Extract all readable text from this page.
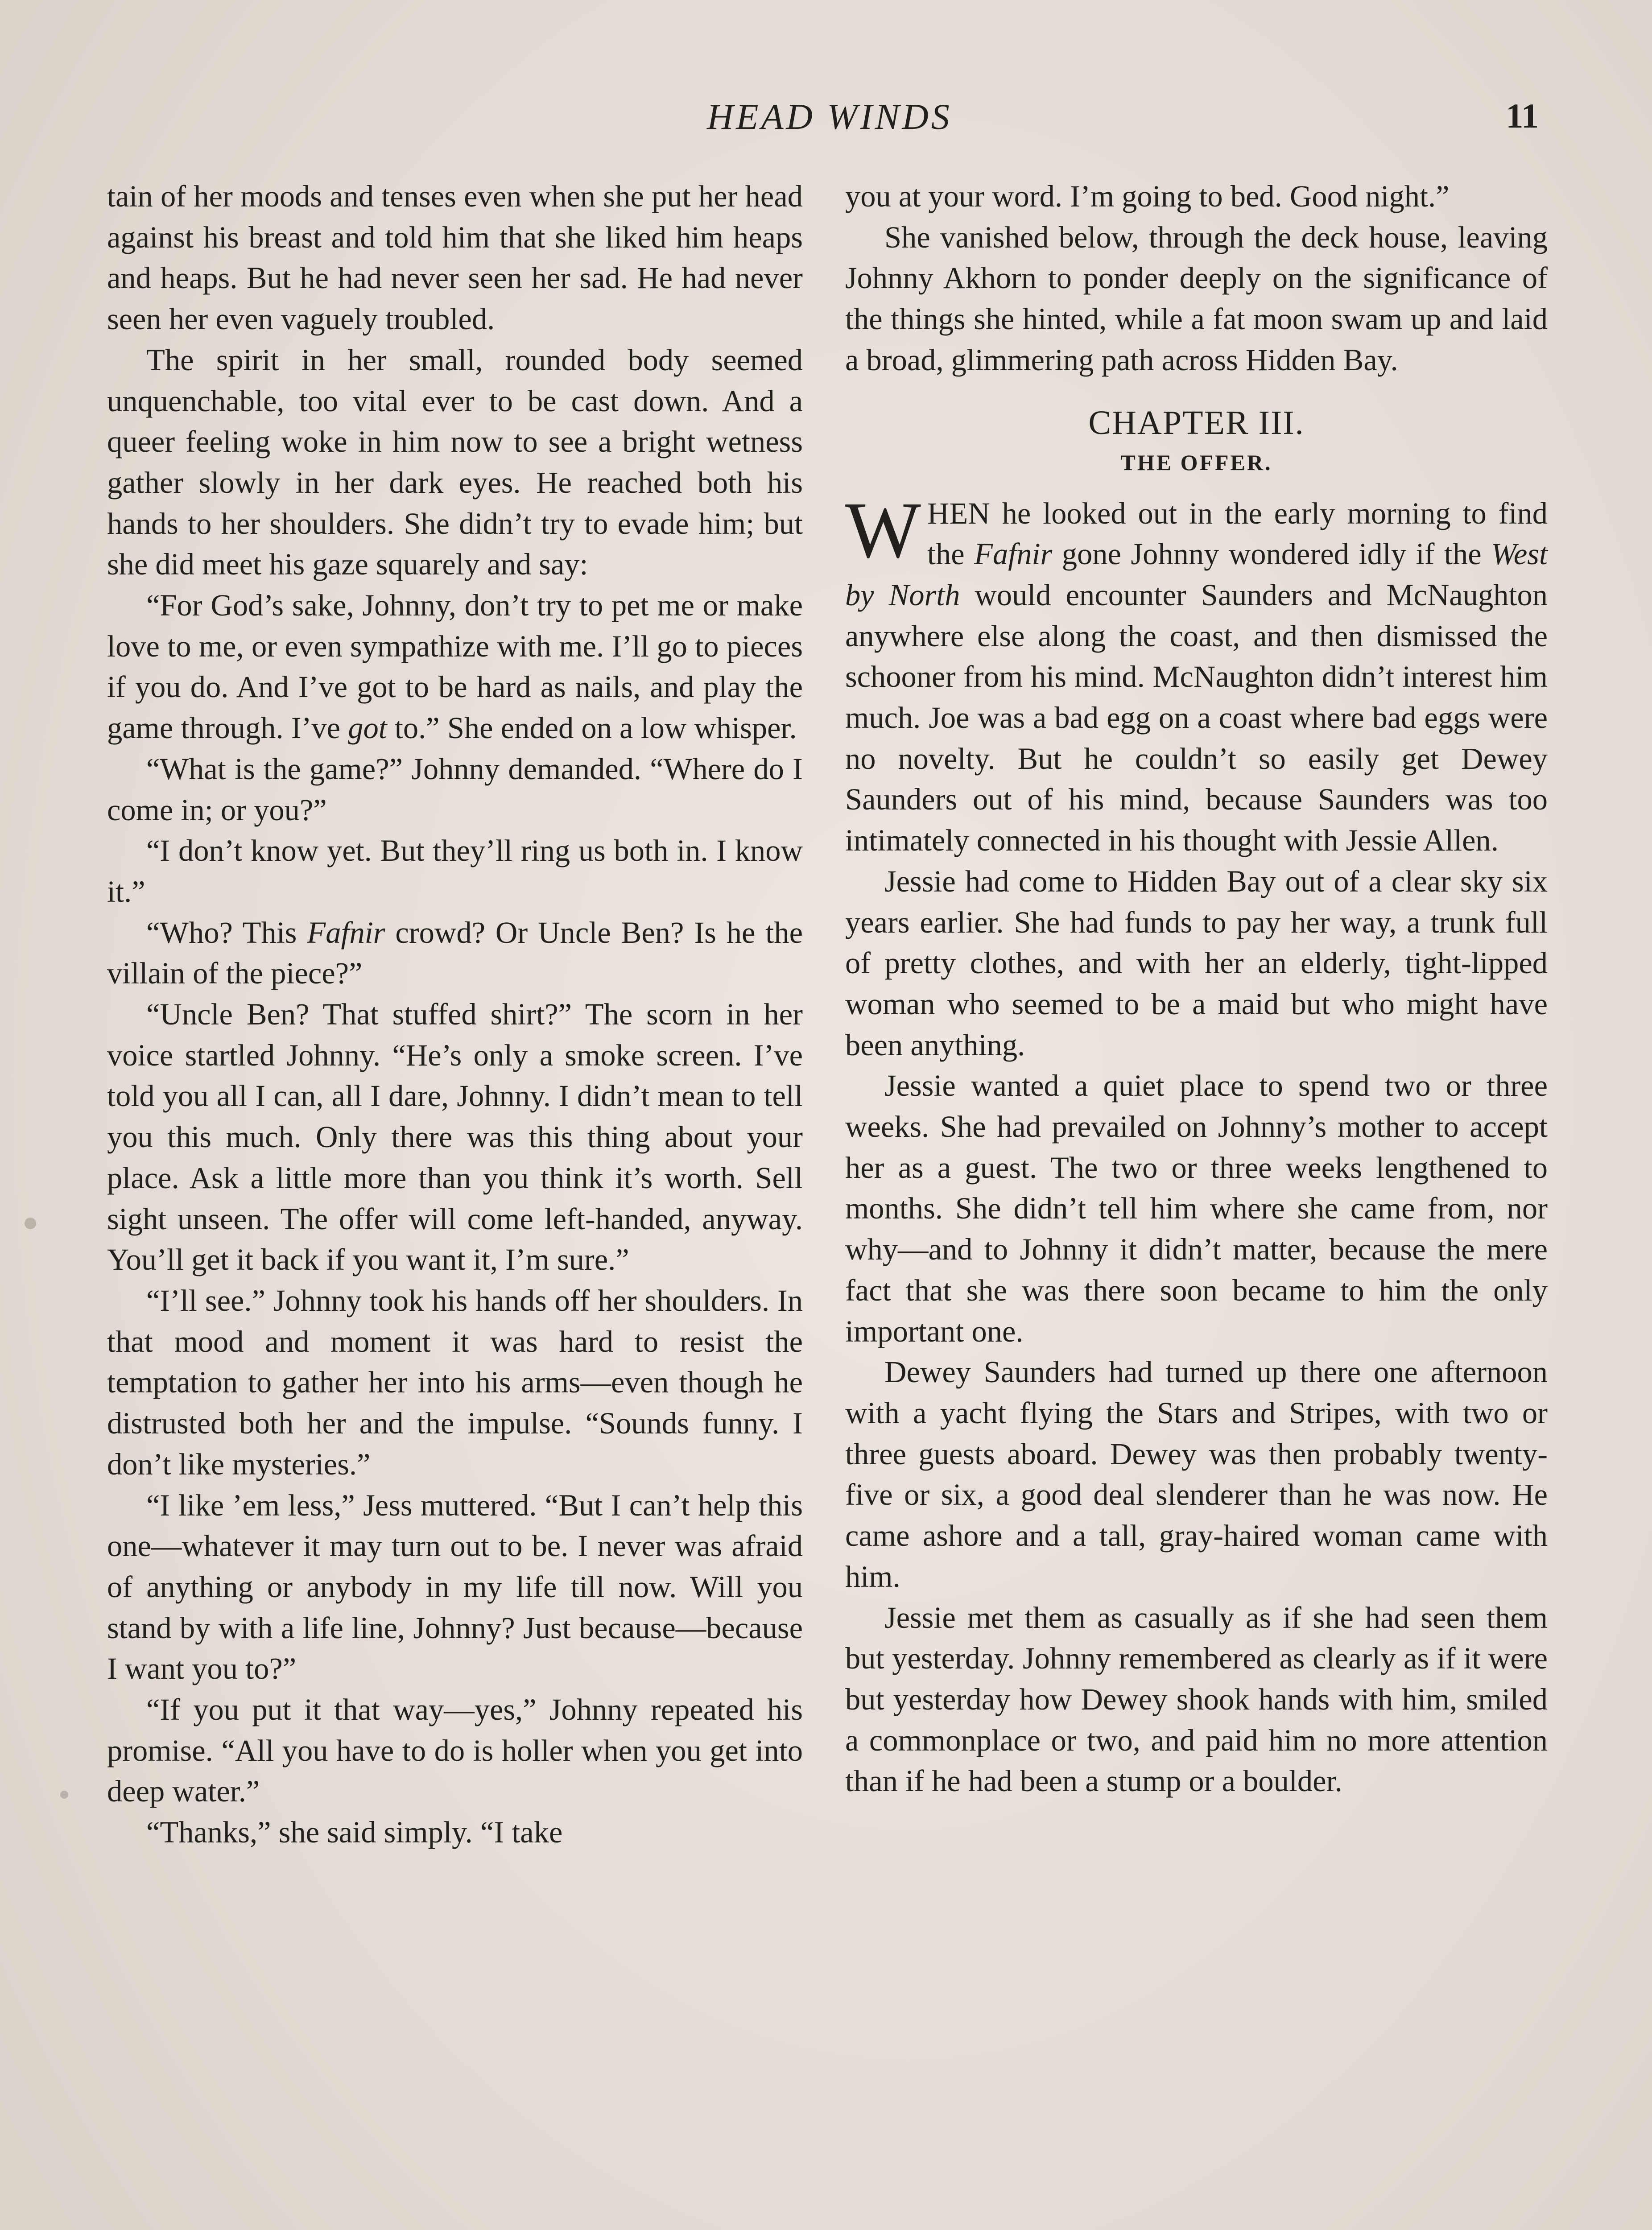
HEAD WINDS	11

tain of her moods and tenses even when she put her head against his breast and told him that she liked him heaps and heaps. But he had never seen her sad. He had never seen her even vaguely troubled.

The spirit in her small, rounded body seemed unquenchable, too vital ever to be cast down. And a queer feeling woke in him now to see a bright wetness gather slowly in her dark eyes. He reached both his hands to her shoulders. She didn’t try to evade him; but she did meet his gaze squarely and say:

“For God’s sake, Johnny, don’t try to pet me or make love to me, or even sympathize with me. I’ll go to pieces if you do. And I’ve got to be hard as nails, and play the game through. I’ve got to.” She ended on a low whisper.

“What is the game?” Johnny demanded. “Where do I come in; or you?”

“I don’t know yet. But they’ll ring us both in. I know it.”

“Who? This Fafnir crowd? Or Uncle Ben? Is he the villain of the piece?”

“Uncle Ben? That stuffed shirt?” The scorn in her voice startled Johnny. “He’s only a smoke screen. I’ve told you all I can, all I dare, Johnny. I didn’t mean to tell you this much. Only there was this thing about your place. Ask a little more than you think it’s worth. Sell sight unseen. The offer will come left-handed, anyway. You’ll get it back if you want it, I’m sure.”

“I’ll see.” Johnny took his hands off her shoulders. In that mood and moment it was hard to resist the temptation to gather her into his arms—even though he distrusted both her and the impulse. “Sounds funny. I don’t like mysteries.”

“I like ’em less,” Jess muttered. “But I can’t help this one—whatever it may turn out to be. I never was afraid of anything or anybody in my life till now. Will you stand by with a life line, Johnny? Just because—because I want you to?”

“If you put it that way—yes,” Johnny repeated his promise. “All you have to do is holler when you get into deep water.”

“Thanks,” she said simply. “I take

you at your word. I’m going to bed. Good night.”

She vanished below, through the deck house, leaving Johnny Akhorn to ponder deeply on the significance of the things she hinted, while a fat moon swam up and laid a broad, glimmering path across Hidden Bay.

CHAPTER III.
THE OFFER.

WHEN he looked out in the early morning to find the Fafnir gone Johnny wondered idly if the West by North would encounter Saunders and McNaughton anywhere else along the coast, and then dismissed the schooner from his mind. McNaughton didn’t interest him much. Joe was a bad egg on a coast where bad eggs were no novelty. But he couldn’t so easily get Dewey Saunders out of his mind, because Saunders was too intimately connected in his thought with Jessie Allen.

Jessie had come to Hidden Bay out of a clear sky six years earlier. She had funds to pay her way, a trunk full of pretty clothes, and with her an elderly, tight-lipped woman who seemed to be a maid but who might have been anything.

Jessie wanted a quiet place to spend two or three weeks. She had prevailed on Johnny’s mother to accept her as a guest. The two or three weeks lengthened to months. She didn’t tell him where she came from, nor why—and to Johnny it didn’t matter, because the mere fact that she was there soon became to him the only important one.

Dewey Saunders had turned up there one afternoon with a yacht flying the Stars and Stripes, with two or three guests aboard. Dewey was then probably twenty-five or six, a good deal slenderer than he was now. He came ashore and a tall, gray-haired woman came with him.

Jessie met them as casually as if she had seen them but yesterday. Johnny remembered as clearly as if it were but yesterday how Dewey shook hands with him, smiled a commonplace or two, and paid him no more attention than if he had been a stump or a boulder.
